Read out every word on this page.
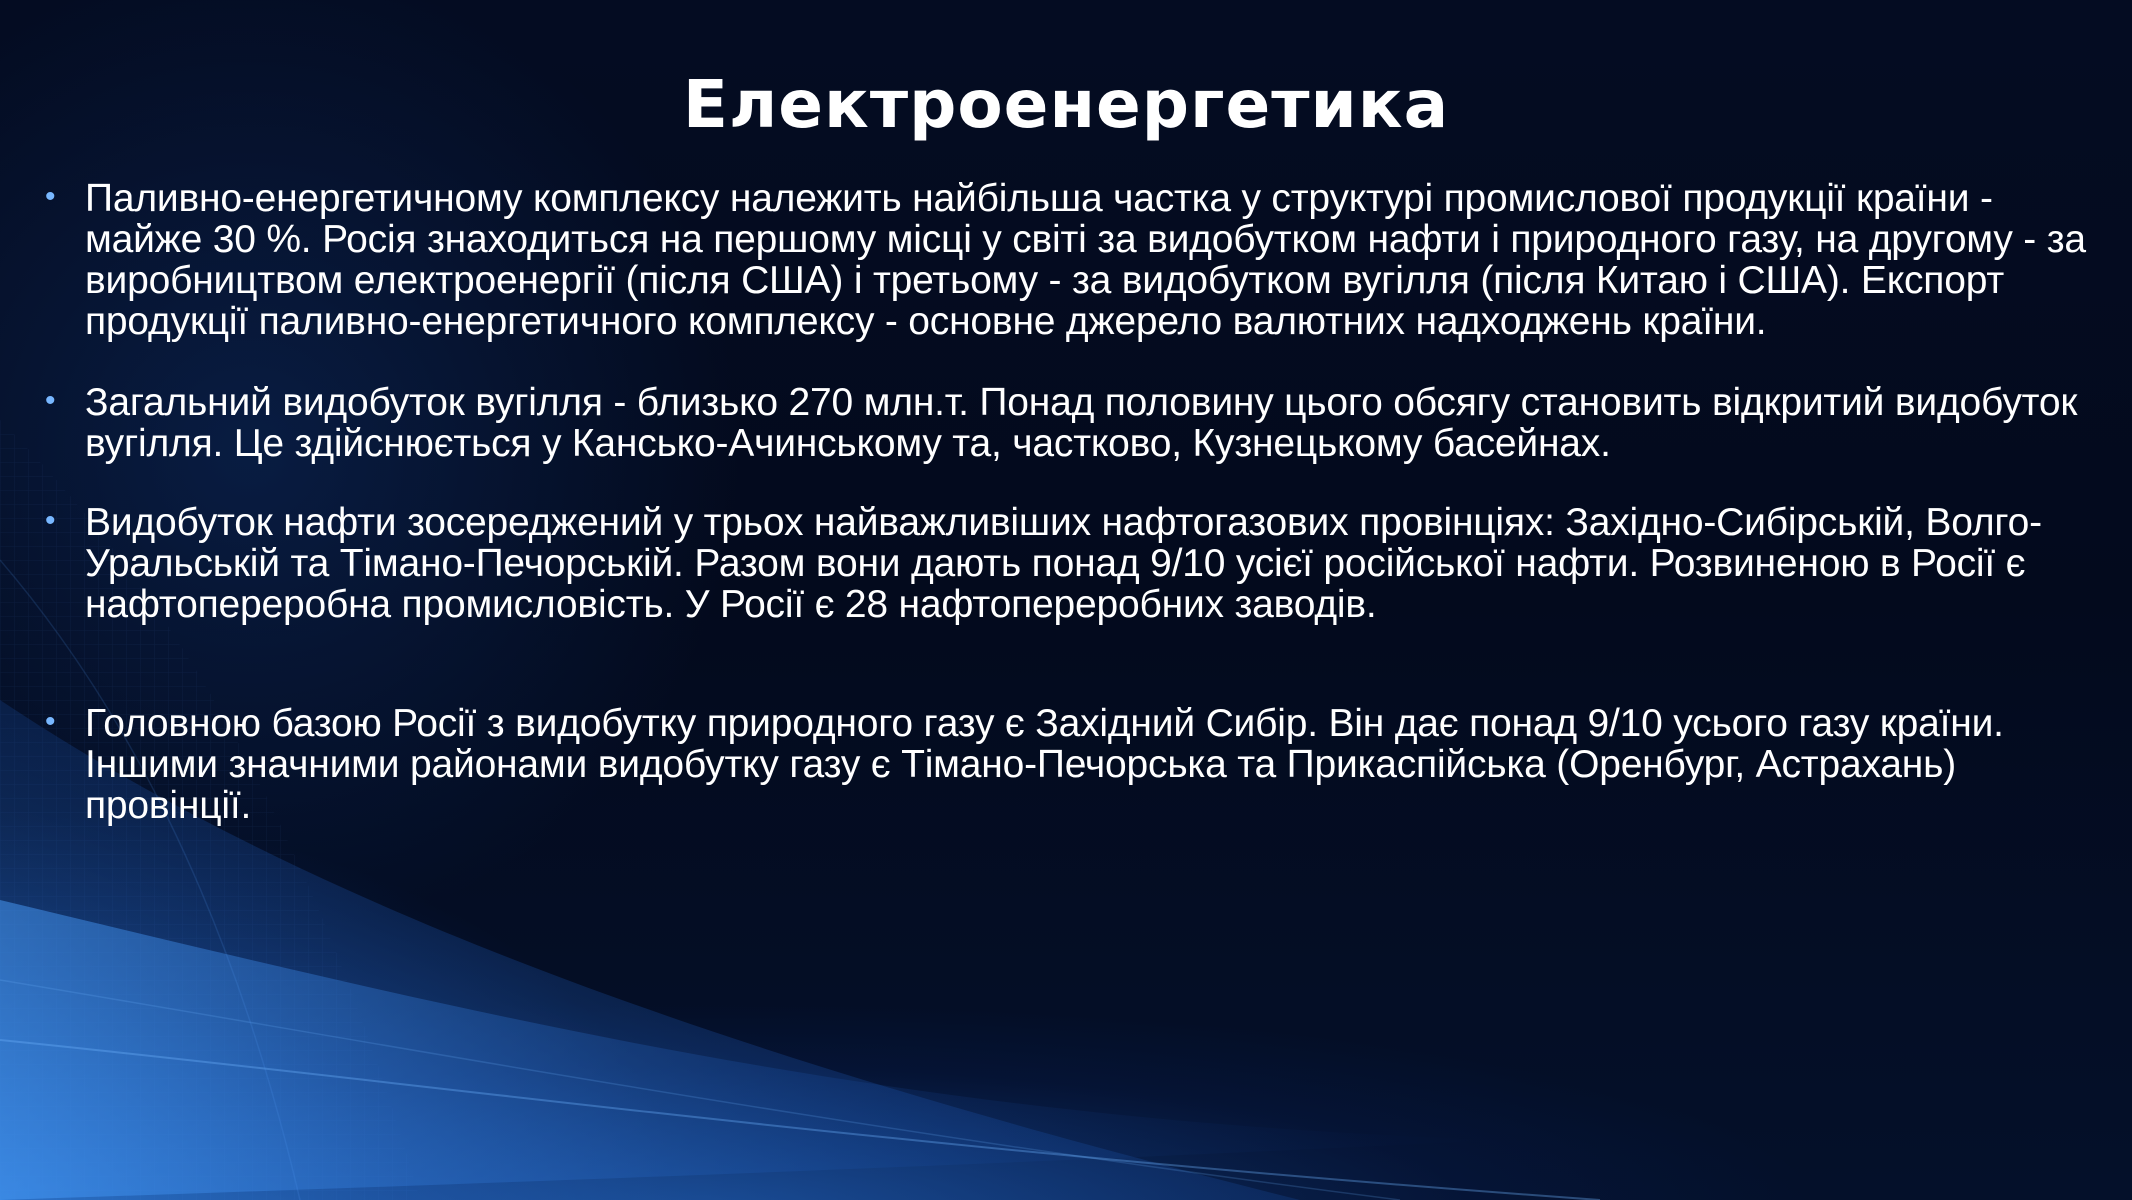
Електроенергетика
• Паливно-енергетичному комплексу належить найбільша частка у структурі промислової продукції країни - майже 30 %. Росія знаходиться на першому місці у світі за видобутком нафти і природного газу, на другому - за виробництвом електроенергії (після США) і третьому - за видобутком вугілля (після Китаю і США). Експорт продукції паливно-енергетичного комплексу - основне джерело валютних надходжень країни.
• Загальний видобуток вугілля - близько 270 млн.т. Понад половину цього обсягу становить відкритий видобуток вугілля. Це здійснюється у Кансько-Ачинському та, частково, Кузнецькому басейнах.
• Видобуток нафти зосереджений у трьох найважливіших нафтогазових провінціях: Західно-Сибірській, Волго-Уральській та Тімано-Печорській. Разом вони дають понад 9/10 усієї російської нафти. Розвиненою в Росії є нафтопереробна промисловість. У Росії є 28 нафтопереробних заводів.
• Головною базою Росії з видобутку природного газу є Західний Сибір. Він дає понад 9/10 усього газу країни. Іншими значними районами видобутку газу є Тімано-Печорська та Прикаспійська (Оренбург, Астрахань) провінції.
